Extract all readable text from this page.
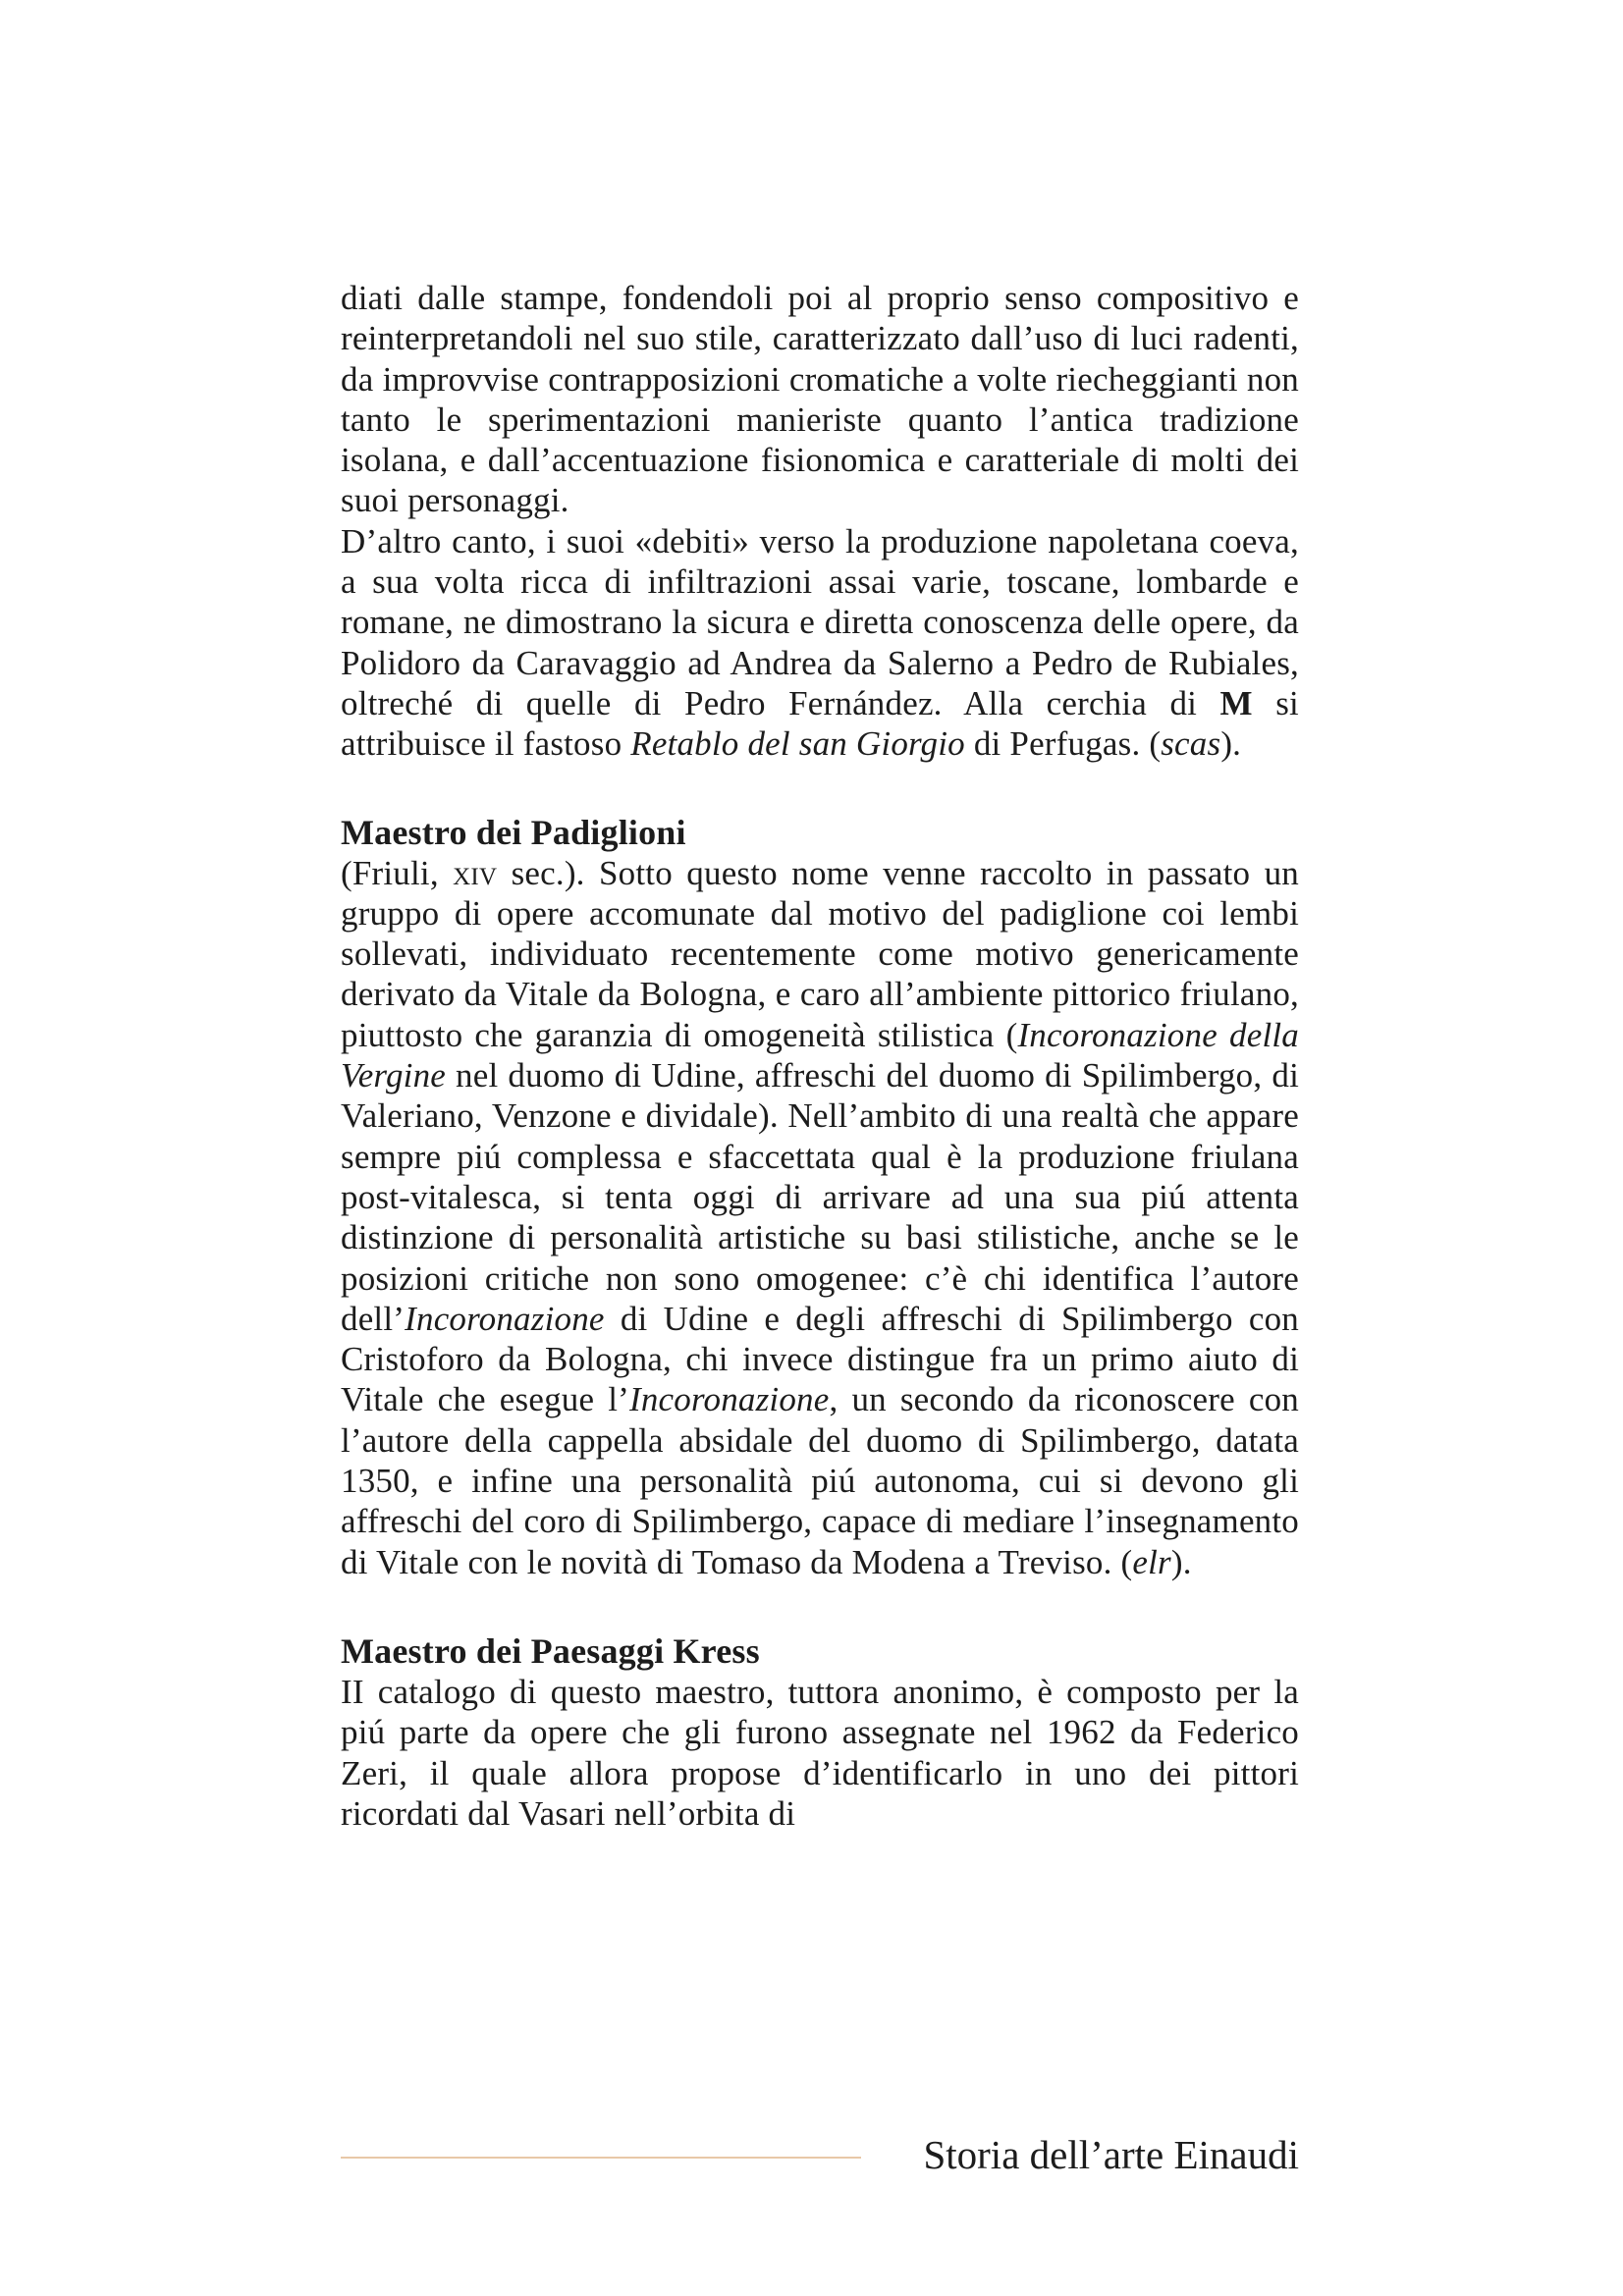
diati dalle stampe, fondendoli poi al proprio senso compositivo e reinterpretandoli nel suo stile, caratterizzato dall’uso di luci radenti, da improvvise contrapposizioni cromatiche a volte riecheggianti non tanto le sperimentazioni manieriste quanto l’antica tradizione isolana, e dall’accentuazione fisionomica e caratteriale di molti dei suoi personaggi.

D’altro canto, i suoi «debiti» verso la produzione napoletana coeva, a sua volta ricca di infiltrazioni assai varie, toscane, lombarde e romane, ne dimostrano la sicura e diretta conoscenza delle opere, da Polidoro da Caravaggio ad Andrea da Salerno a Pedro de Rubiales, oltreché di quelle di Pedro Fernández. Alla cerchia di M si attribuisce il fastoso Retablo del san Giorgio di Perfugas. (scas).

Maestro dei Padiglioni

(Friuli, xiv sec.). Sotto questo nome venne raccolto in passato un gruppo di opere accomunate dal motivo del padiglione coi lembi sollevati, individuato recentemente come motivo genericamente derivato da Vitale da Bologna, e caro all’ambiente pittorico friulano, piuttosto che garanzia di omogeneità stilistica (Incoronazione della Vergine nel duomo di Udine, affreschi del duomo di Spilimbergo, di Valeriano, Venzone e dividale). Nell’ambito di una realtà che appare sempre piú complessa e sfaccettata qual è la produzione friulana post-vitalesca, si tenta oggi di arrivare ad una sua piú attenta distinzione di personalità artistiche su basi stilistiche, anche se le posizioni critiche non sono omogenee: c’è chi identifica l’autore dell’Incoronazione di Udine e degli affreschi di Spilimbergo con Cristoforo da Bologna, chi invece distingue fra un primo aiuto di Vitale che esegue l’Incoronazione, un secondo da riconoscere con l’autore della cappella absidale del duomo di Spilimbergo, datata 1350, e infine una personalità piú autonoma, cui si devono gli affreschi del coro di Spilimbergo, capace di mediare l’insegnamento di Vitale con le novità di Tomaso da Modena a Treviso. (elr).

Maestro dei Paesaggi Kress

II catalogo di questo maestro, tuttora anonimo, è composto per la piú parte da opere che gli furono assegnate nel 1962 da Federico Zeri, il quale allora propose d’identificarlo in uno dei pittori ricordati dal Vasari nell’orbita di

Storia dell’arte Einaudi
